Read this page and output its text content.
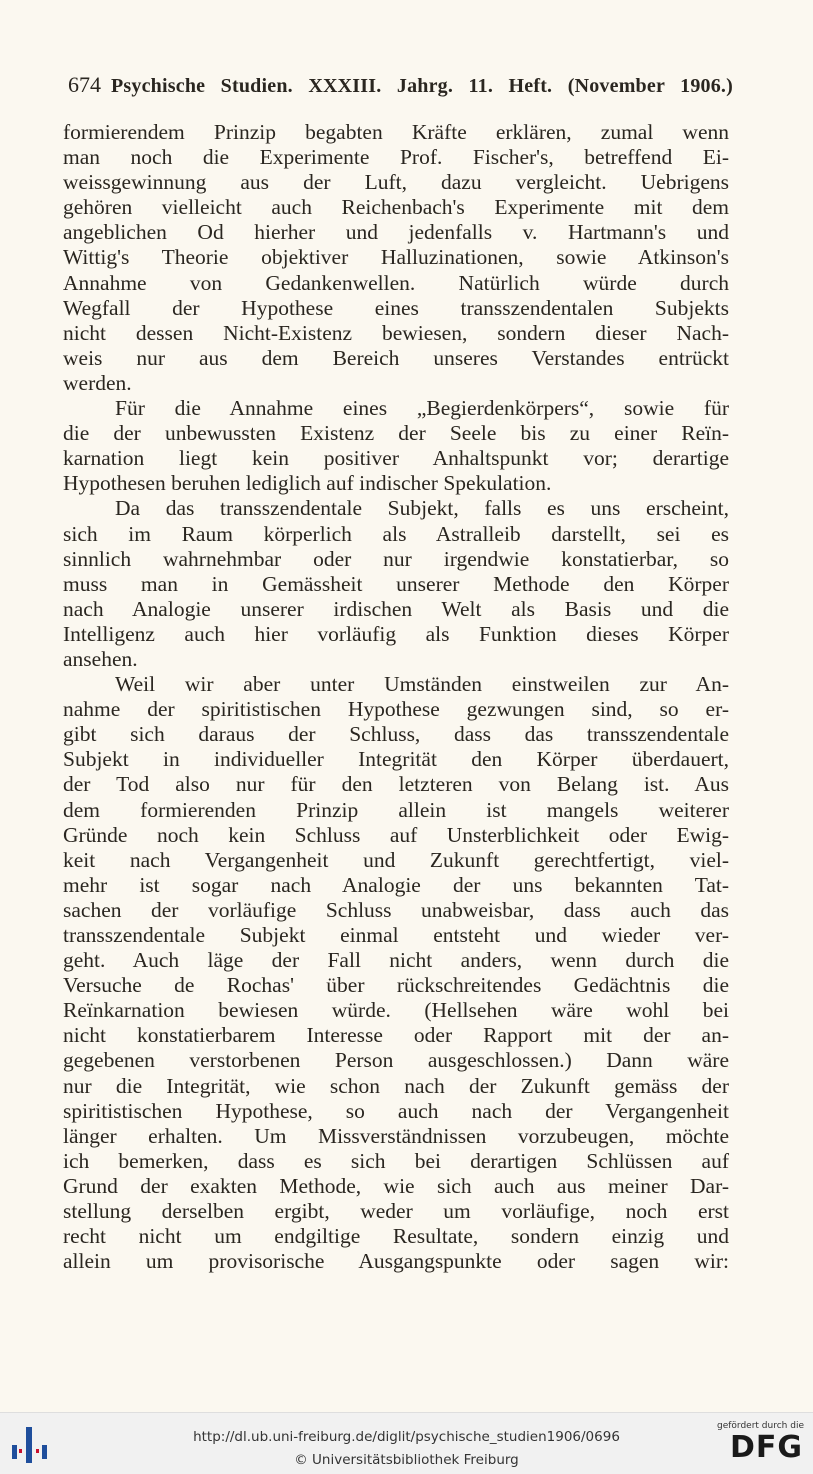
674 Psychische Studien. XXXIII. Jahrg. 11. Heft. (November 1906.)
formierendem Prinzip begabten Kräfte erklären, zumal wenn
man noch die Experimente Prof. Fischer's, betreffend Ei-
weissgewinnung aus der Luft, dazu vergleicht. Uebrigens
gehören vielleicht auch Reichenbach's Experimente mit dem
angeblichen Od hierher und jedenfalls v. Hartmann's und
Wittig's Theorie objektiver Halluzinationen, sowie Atkinson's
Annahme von Gedankenwellen. Natürlich würde durch
Wegfall der Hypothese eines transszendentalen Subjekts
nicht dessen Nicht-Existenz bewiesen, sondern dieser Nach-
weis nur aus dem Bereich unseres Verstandes entrückt
werden.
Für die Annahme eines „Begierdenkörpers“, sowie für
die der unbewussten Existenz der Seele bis zu einer Reïn-
karnation liegt kein positiver Anhaltspunkt vor; derartige
Hypothesen beruhen lediglich auf indischer Spekulation.
Da das transszendentale Subjekt, falls es uns erscheint,
sich im Raum körperlich als Astralleib darstellt, sei es
sinnlich wahrnehmbar oder nur irgendwie konstatierbar, so
muss man in Gemässheit unserer Methode den Körper
nach Analogie unserer irdischen Welt als Basis und die
Intelligenz auch hier vorläufig als Funktion dieses Körper
ansehen.
Weil wir aber unter Umständen einstweilen zur An-
nahme der spiritistischen Hypothese gezwungen sind, so er-
gibt sich daraus der Schluss, dass das transszendentale
Subjekt in individueller Integrität den Körper überdauert,
der Tod also nur für den letzteren von Belang ist. Aus
dem formierenden Prinzip allein ist mangels weiterer
Gründe noch kein Schluss auf Unsterblichkeit oder Ewig-
keit nach Vergangenheit und Zukunft gerechtfertigt, viel-
mehr ist sogar nach Analogie der uns bekannten Tat-
sachen der vorläufige Schluss unabweisbar, dass auch das
transszendentale Subjekt einmal entsteht und wieder ver-
geht. Auch läge der Fall nicht anders, wenn durch die
Versuche de Rochas' über rückschreitendes Gedächtnis die
Reïnkarnation bewiesen würde. (Hellsehen wäre wohl bei
nicht konstatierbarem Interesse oder Rapport mit der an-
gegebenen verstorbenen Person ausgeschlossen.) Dann wäre
nur die Integrität, wie schon nach der Zukunft gemäss der
spiritistischen Hypothese, so auch nach der Vergangenheit
länger erhalten. Um Missverständnissen vorzubeugen, möchte
ich bemerken, dass es sich bei derartigen Schlüssen auf
Grund der exakten Methode, wie sich auch aus meiner Dar-
stellung derselben ergibt, weder um vorläufige, noch erst
recht nicht um endgiltige Resultate, sondern einzig und
allein um provisorische Ausgangspunkte oder sagen wir:
http://dl.ub.uni-freiburg.de/diglit/psychische_studien1906/0696
© Universitätsbibliothek Freiburg
gefördert durch die
DFG
